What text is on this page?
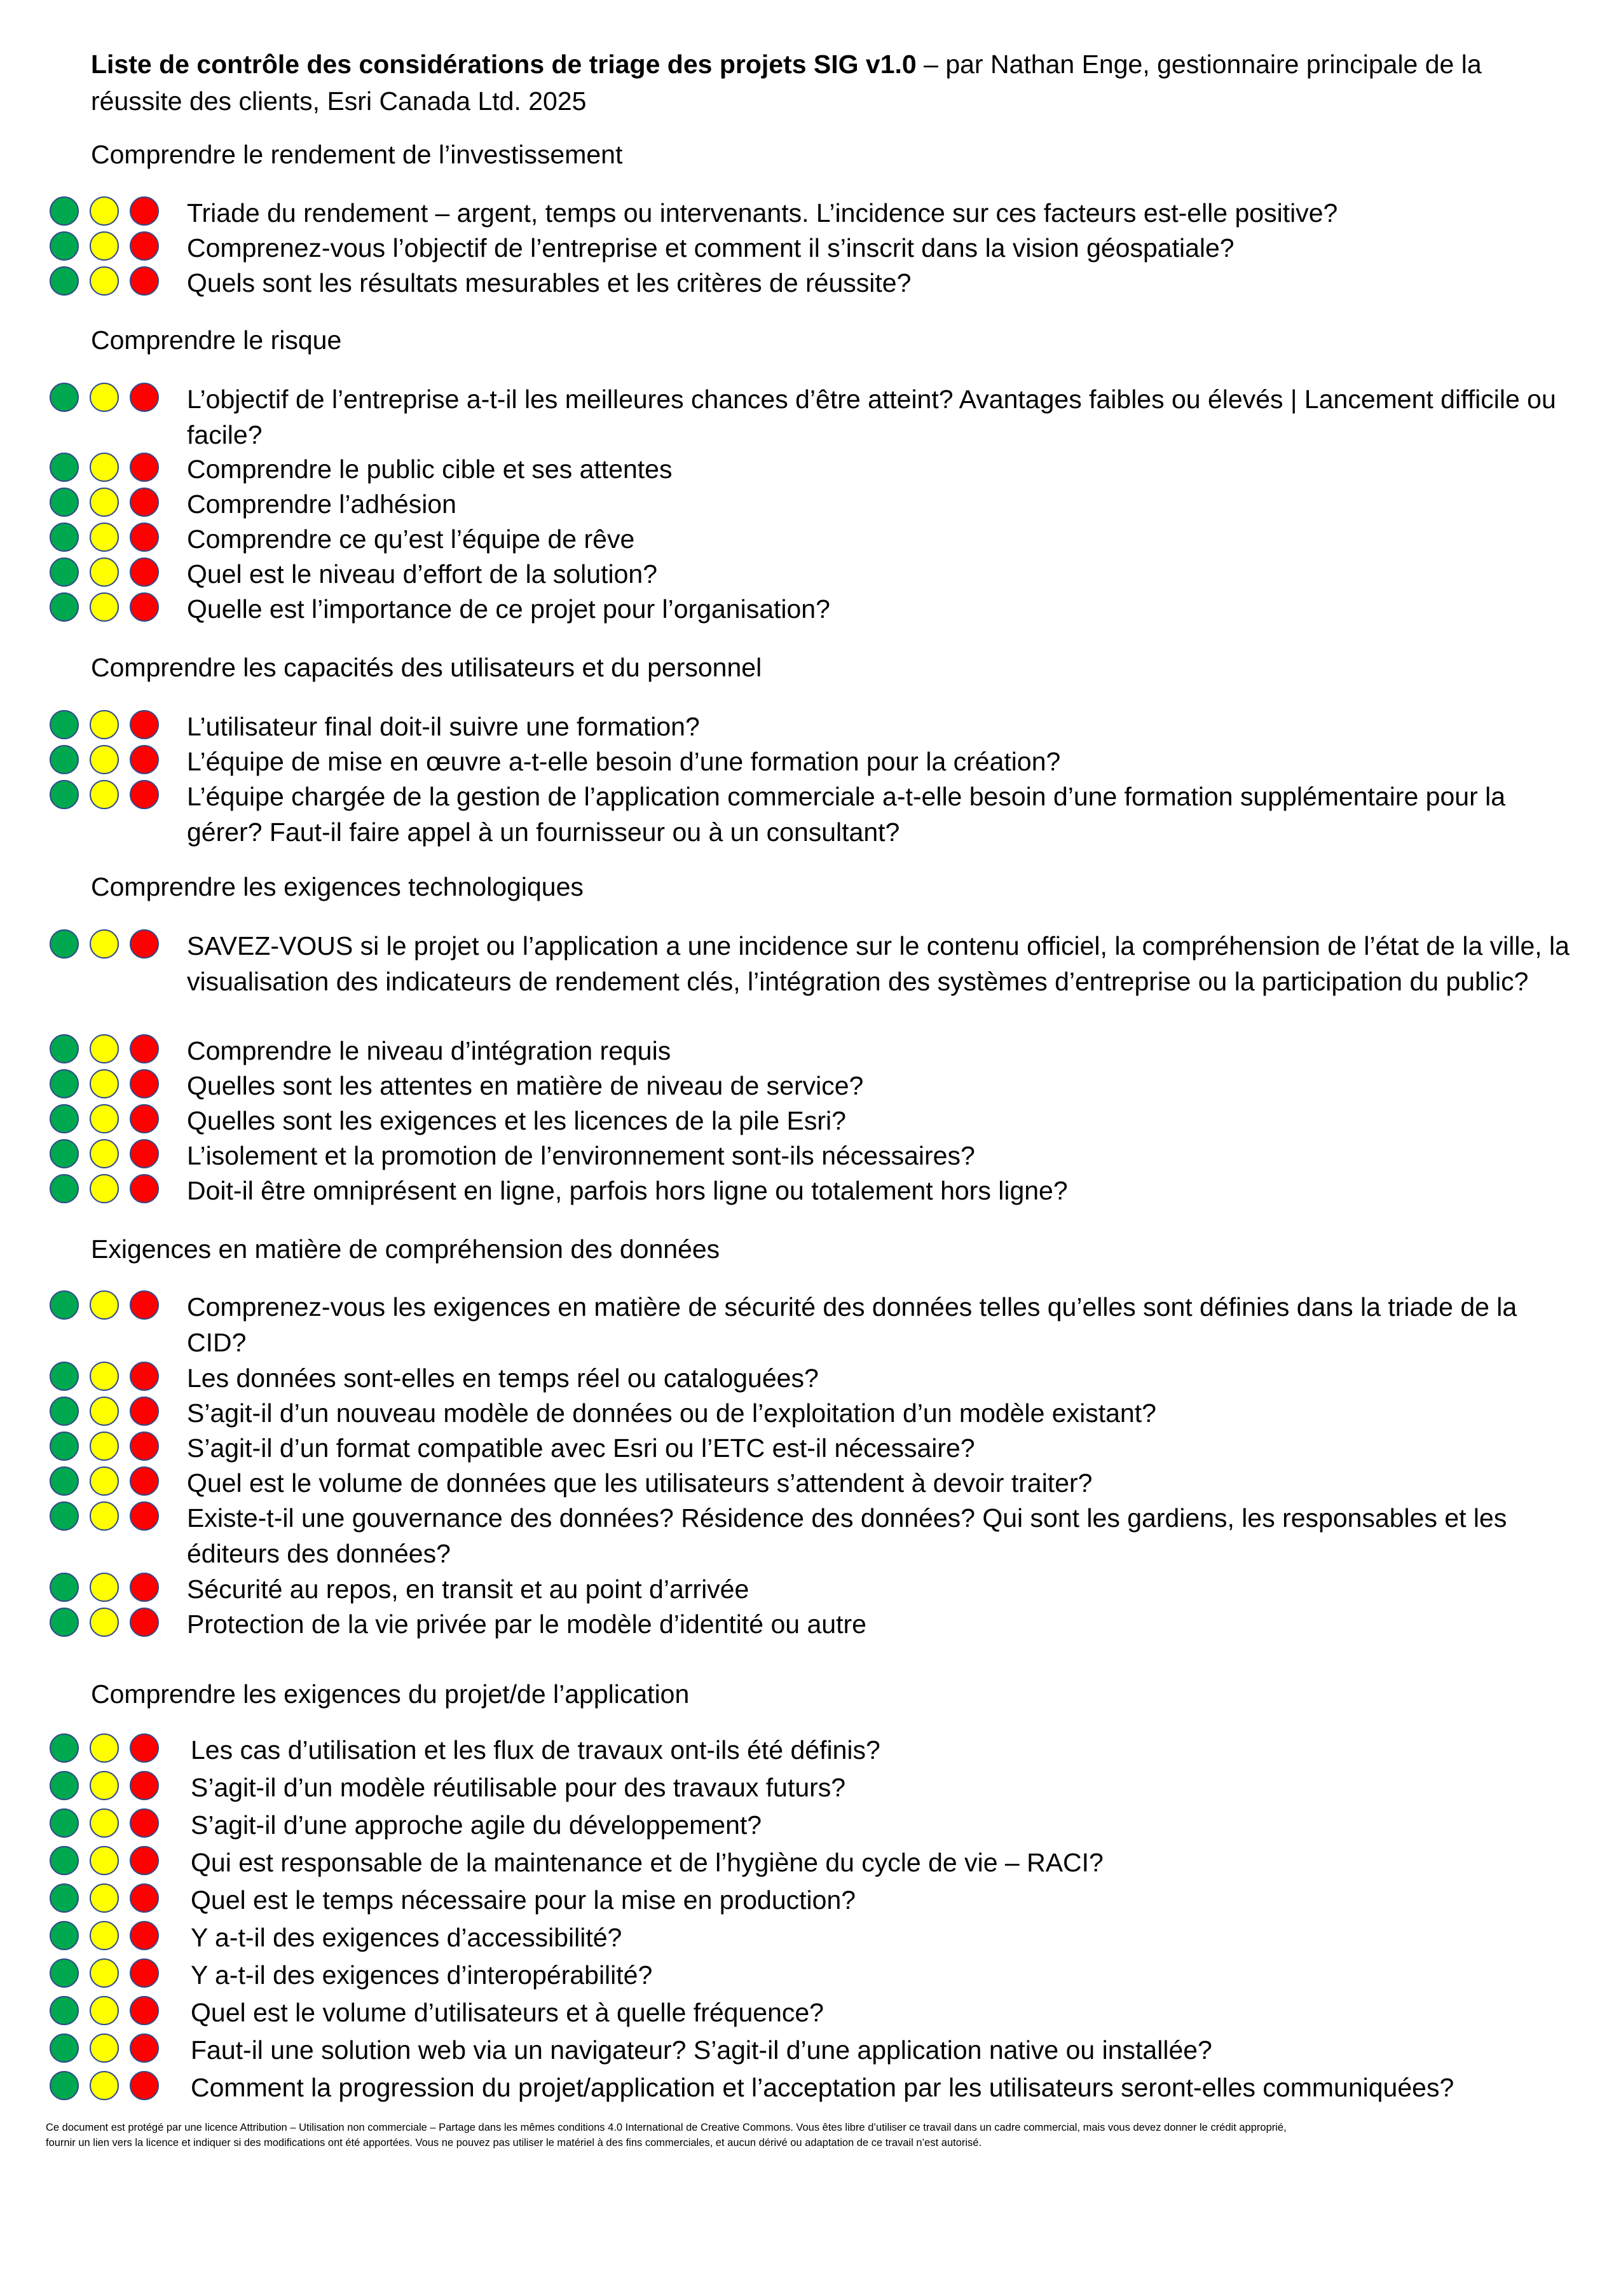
Liste de contrôle des considérations de triage des projets SIG v1.0 – par Nathan Enge, gestionnaire principale de la réussite des clients, Esri Canada Ltd. 2025
Comprendre le rendement de l’investissement
Triade du rendement – argent, temps ou intervenants. L’incidence sur ces facteurs est-elle positive?
Comprenez-vous l’objectif de l’entreprise et comment il s’inscrit dans la vision géospatiale?
Quels sont les résultats mesurables et les critères de réussite?
Comprendre le risque
L’objectif de l’entreprise a-t-il les meilleures chances d’être atteint? Avantages faibles ou élevés | Lancement difficile ou facile?
Comprendre le public cible et ses attentes
Comprendre l’adhésion
Comprendre ce qu’est l’équipe de rêve
Quel est le niveau d’effort de la solution?
Quelle est l’importance de ce projet pour l’organisation?
Comprendre les capacités des utilisateurs et du personnel
L’utilisateur final doit-il suivre une formation?
L’équipe de mise en œuvre a-t-elle besoin d’une formation pour la création?
L’équipe chargée de la gestion de l’application commerciale a-t-elle besoin d’une formation supplémentaire pour la gérer? Faut-il faire appel à un fournisseur ou à un consultant?
Comprendre les exigences technologiques
SAVEZ-VOUS si le projet ou l’application a une incidence sur le contenu officiel, la compréhension de l’état de la ville, la visualisation des indicateurs de rendement clés, l’intégration des systèmes d’entreprise ou la participation du public?
Comprendre le niveau d’intégration requis
Quelles sont les attentes en matière de niveau de service?
Quelles sont les exigences et les licences de la pile Esri?
L’isolement et la promotion de l’environnement sont-ils nécessaires?
Doit-il être omniprésent en ligne, parfois hors ligne ou totalement hors ligne?
Exigences en matière de compréhension des données
Comprenez-vous les exigences en matière de sécurité des données telles qu’elles sont définies dans la triade de la CID?
Les données sont-elles en temps réel ou cataloguées?
S’agit-il d’un nouveau modèle de données ou de l’exploitation d’un modèle existant?
S’agit-il d’un format compatible avec Esri ou l’ETC est-il nécessaire?
Quel est le volume de données que les utilisateurs s’attendent à devoir traiter?
Existe-t-il une gouvernance des données? Résidence des données? Qui sont les gardiens, les responsables et les éditeurs des données?
Sécurité au repos, en transit et au point d’arrivée
Protection de la vie privée par le modèle d’identité ou autre
Comprendre les exigences du projet/de l’application
Les cas d’utilisation et les flux de travaux ont-ils été définis?
S’agit-il d’un modèle réutilisable pour des travaux futurs?
S’agit-il d’une approche agile du développement?
Qui est responsable de la maintenance et de l’hygiène du cycle de vie – RACI?
Quel est le temps nécessaire pour la mise en production?
Y a-t-il des exigences d’accessibilité?
Y a-t-il des exigences d’interopérabilité?
Quel est le volume d’utilisateurs et à quelle fréquence?
Faut-il une solution web via un navigateur? S’agit-il d’une application native ou installée?
Comment la progression du projet/application et l’acceptation par les utilisateurs seront-elles communiquées?
Ce document est protégé par une licence Attribution – Utilisation non commerciale – Partage dans les mêmes conditions 4.0 International de Creative Commons. Vous êtes libre d’utiliser ce travail dans un cadre commercial, mais vous devez donner le crédit approprié, fournir un lien vers la licence et indiquer si des modifications ont été apportées. Vous ne pouvez pas utiliser le matériel à des fins commerciales, et aucun dérivé ou adaptation de ce travail n’est autorisé.
